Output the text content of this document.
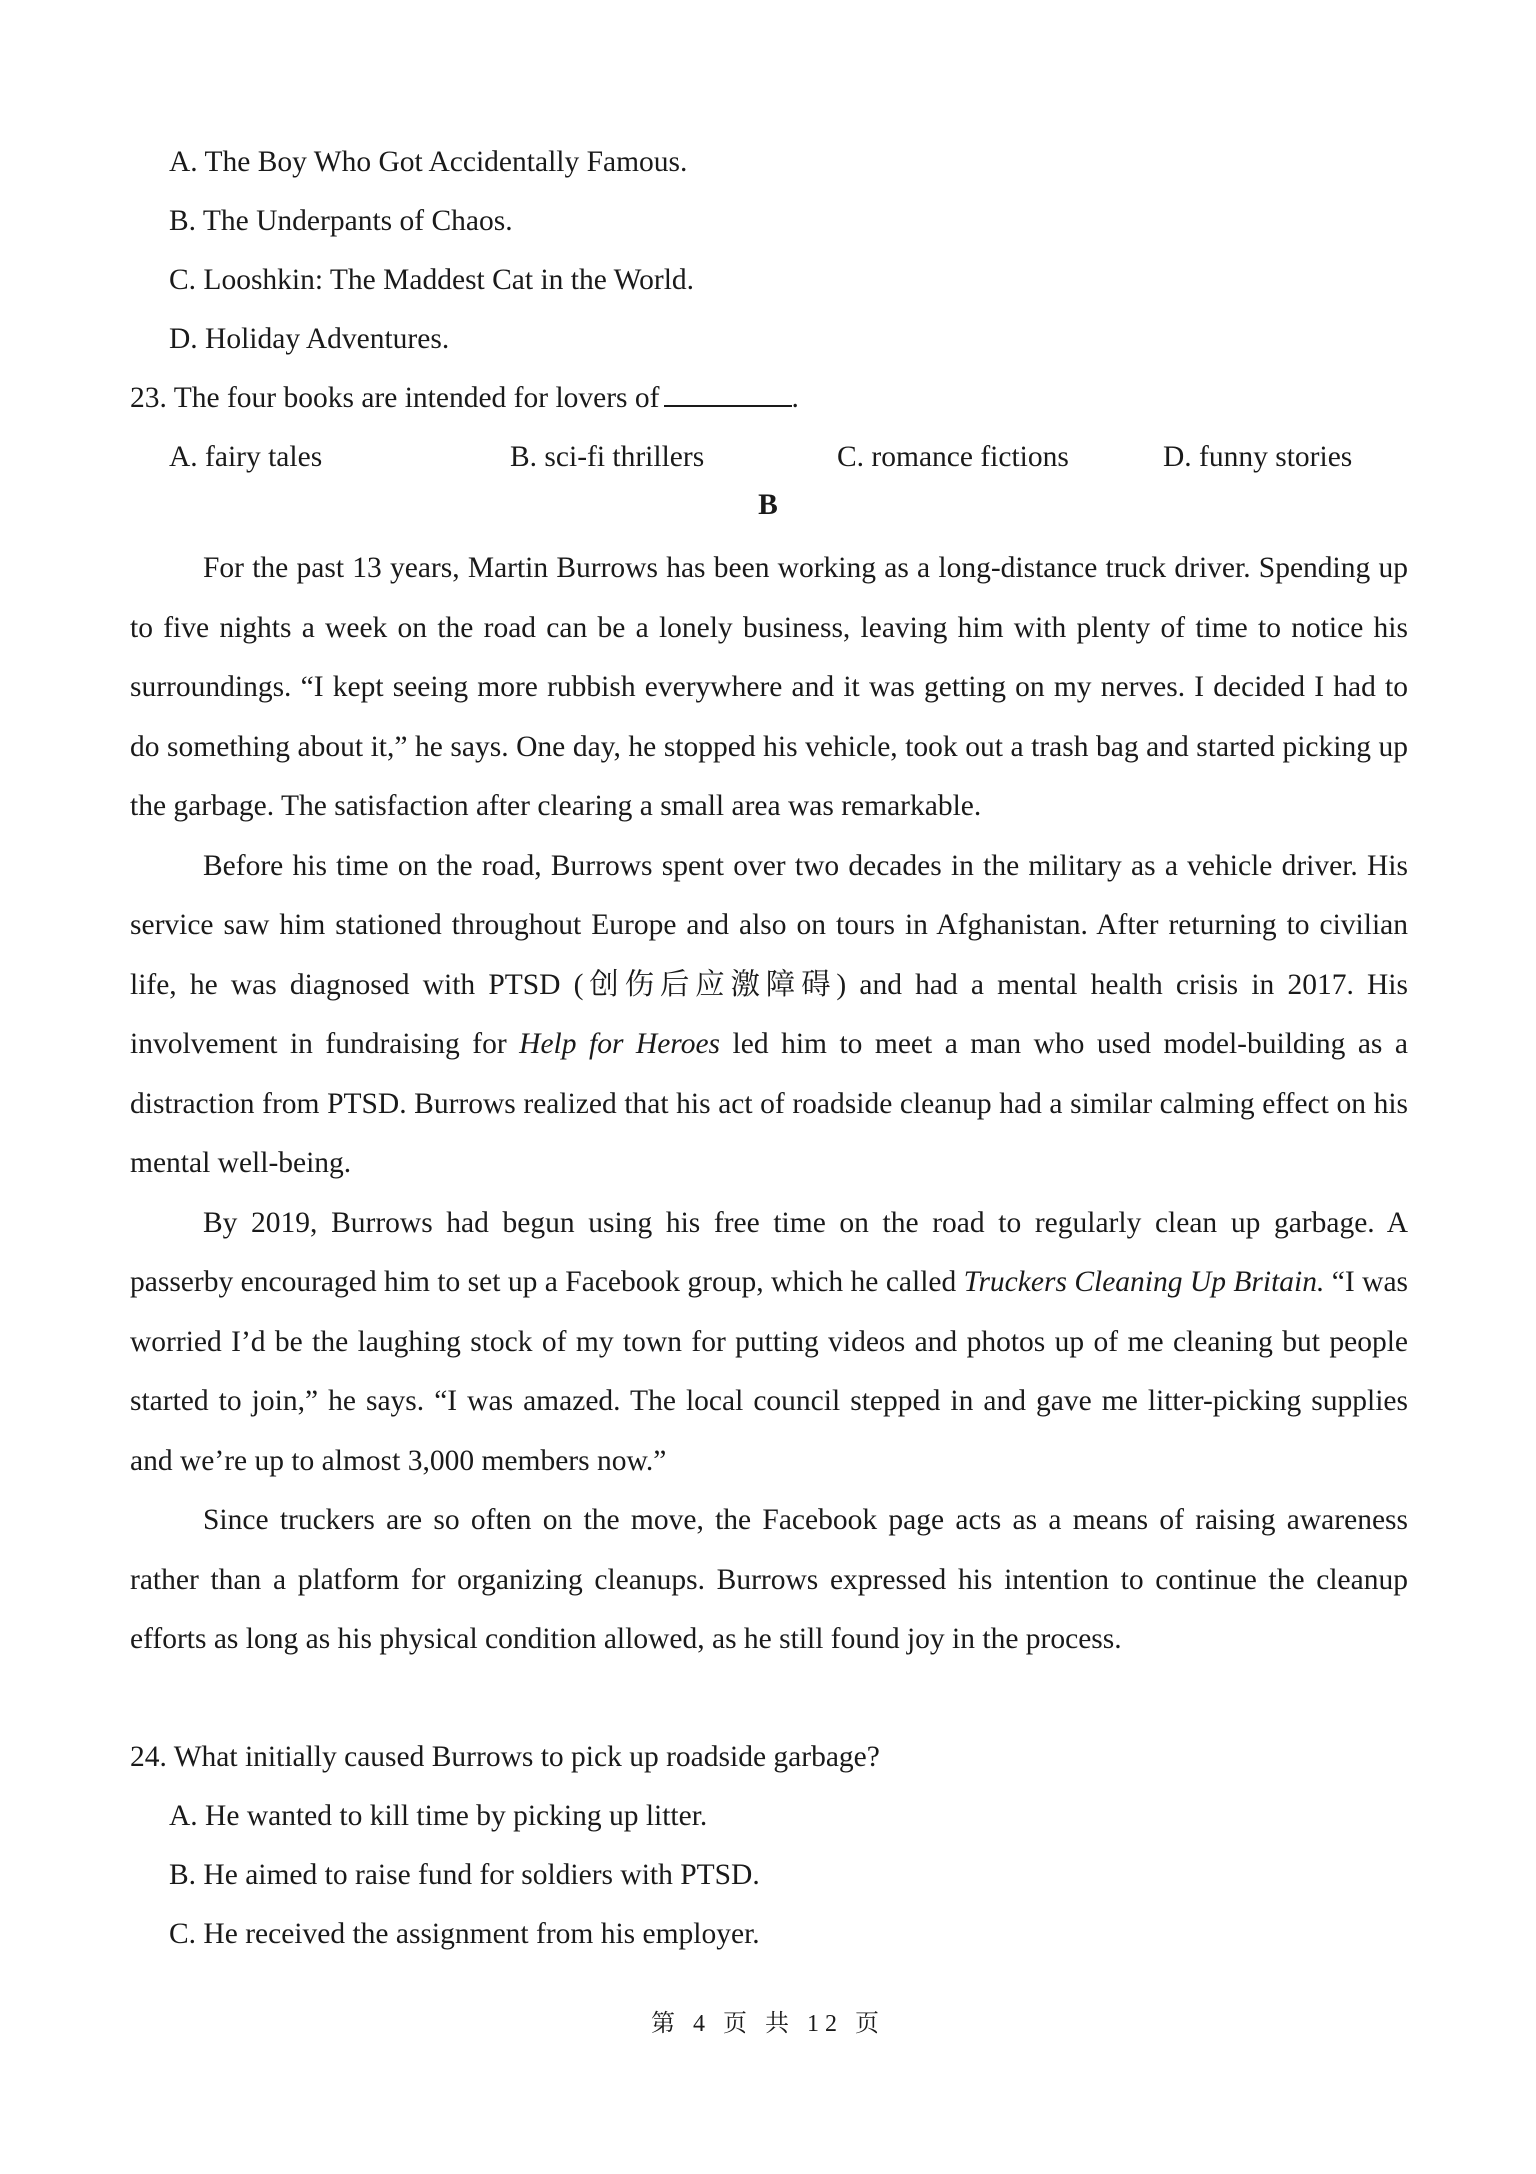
A. The Boy Who Got Accidentally Famous.
B. The Underpants of Chaos.
C. Looshkin: The Maddest Cat in the World.
D. Holiday Adventures.
23. The four books are intended for lovers of	.
A. fairy tales	B. sci-fi thrillers	C. romance fictions	D. funny stories
B

For the past 13 years, Martin Burrows has been working as a long-distance truck driver. Spending up to five nights a week on the road can be a lonely business, leaving him with plenty of time to notice his surroundings. “I kept seeing more rubbish everywhere and it was getting on my nerves. I decided I had to do something about it,” he says. One day, he stopped his vehicle, took out a trash bag and started picking up the garbage. The satisfaction after clearing a small area was remarkable.

Before his time on the road, Burrows spent over two decades in the military as a vehicle driver. His service saw him stationed throughout Europe and also on tours in Afghanistan. After returning to civilian life, he was diagnosed with PTSD (创伤后应激障碍) and had a mental health crisis in 2017. His involvement in fundraising for Help for Heroes led him to meet a man who used model-building as a distraction from PTSD. Burrows realized that his act of roadside cleanup had a similar calming effect on his mental well-being.

By 2019, Burrows had begun using his free time on the road to regularly clean up garbage. A passerby encouraged him to set up a Facebook group, which he called Truckers Cleaning Up Britain. “I was worried I’d be the laughing stock of my town for putting videos and photos up of me cleaning but people started to join,” he says. “I was amazed. The local council stepped in and gave me litter-picking supplies and we’re up to almost 3,000 members now.”

Since truckers are so often on the move, the Facebook page acts as a means of raising awareness rather than a platform for organizing cleanups. Burrows expressed his intention to continue the cleanup efforts as long as his physical condition allowed, as he still found joy in the process.

24. What initially caused Burrows to pick up roadside garbage?
A. He wanted to kill time by picking up litter.
B. He aimed to raise fund for soldiers with PTSD.
C. He received the assignment from his employer.
第 4 页 共 12 页
